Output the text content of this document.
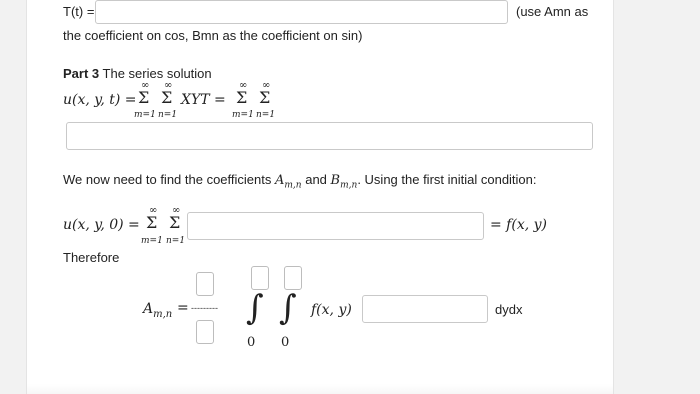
T(t) =	(use Amn as
the coefficient on cos, Bmn as the coefficient on sin)
Part 3 The series solution
u(x, y, t) =
∞
Σ
m=1
∞
Σ
n=1
XYT =
∞
Σ
m=1
∞
Σ
n=1
We now need to find the coefficients $A_{m,n}$ and $B_{m,n}$. Using the first initial condition:
u(x, y, 0) =
∞
Σ
m=1
∞
Σ
n=1
= f(x, y)
Therefore
$A_{m,n}$ = --------- ∫
0
∫
0
f(x, y)	dydx
